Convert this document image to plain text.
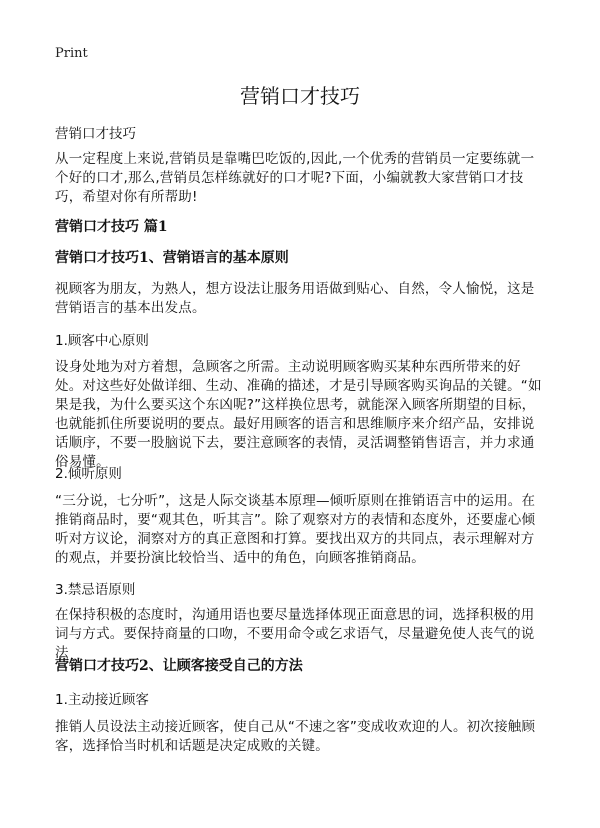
Print
营销口才技巧

营销口才技巧

从一定程度上来说,营销员是靠嘴巴吃饭的,因此,一个优秀的营销员一定要练就一个好的口才,那么,营销员怎样练就好的口才呢?下面，小编就教大家营销口才技巧，希望对你有所帮助!

营销口才技巧 篇1

营销口才技巧1、营销语言的基本原则

视顾客为朋友，为熟人，想方设法让服务用语做到贴心、自然，令人愉悦，这是营销语言的基本出发点。

1.顾客中心原则

设身处地为对方着想，急顾客之所需。主动说明顾客购买某种东西所带来的好处。对这些好处做详细、生动、准确的描述，才是引导顾客购买询品的关键。“如果是我，为什么要买这个东凶呢?”这样换位思考，就能深入顾客所期望的目标，也就能抓住所要说明的要点。最好用顾客的语言和思维顺序来介绍产品，安排说话顺序，不要一股脑说下去，要注意顾客的表情，灵活调整销售语言，并力求通俗易懂。

2.倾听原则

“三分说，七分听”，这是人际交谈基本原理—倾听原则在推销语言中的运用。在推销商品时，要“观其色，听其言”。除了观察对方的表情和态度外，还要虚心倾听对方议论，洞察对方的真正意图和打算。要找出双方的共同点，表示理解对方的观点，并要扮演比较恰当、适中的角色，向顾客推销商品。

3.禁忌语原则

在保持积极的态度时，沟通用语也要尽量选择体现正面意思的词，选择积极的用词与方式。要保持商量的口吻，不要用命令或乞求语气，尽量避免使人丧气的说法

营销口才技巧2、让顾客接受自己的方法

1.主动接近顾客

推销人员设法主动接近顾客，使自己从“不速之客”变成收欢迎的人。初次接触顾客，选择恰当时机和话题是决定成败的关键。
